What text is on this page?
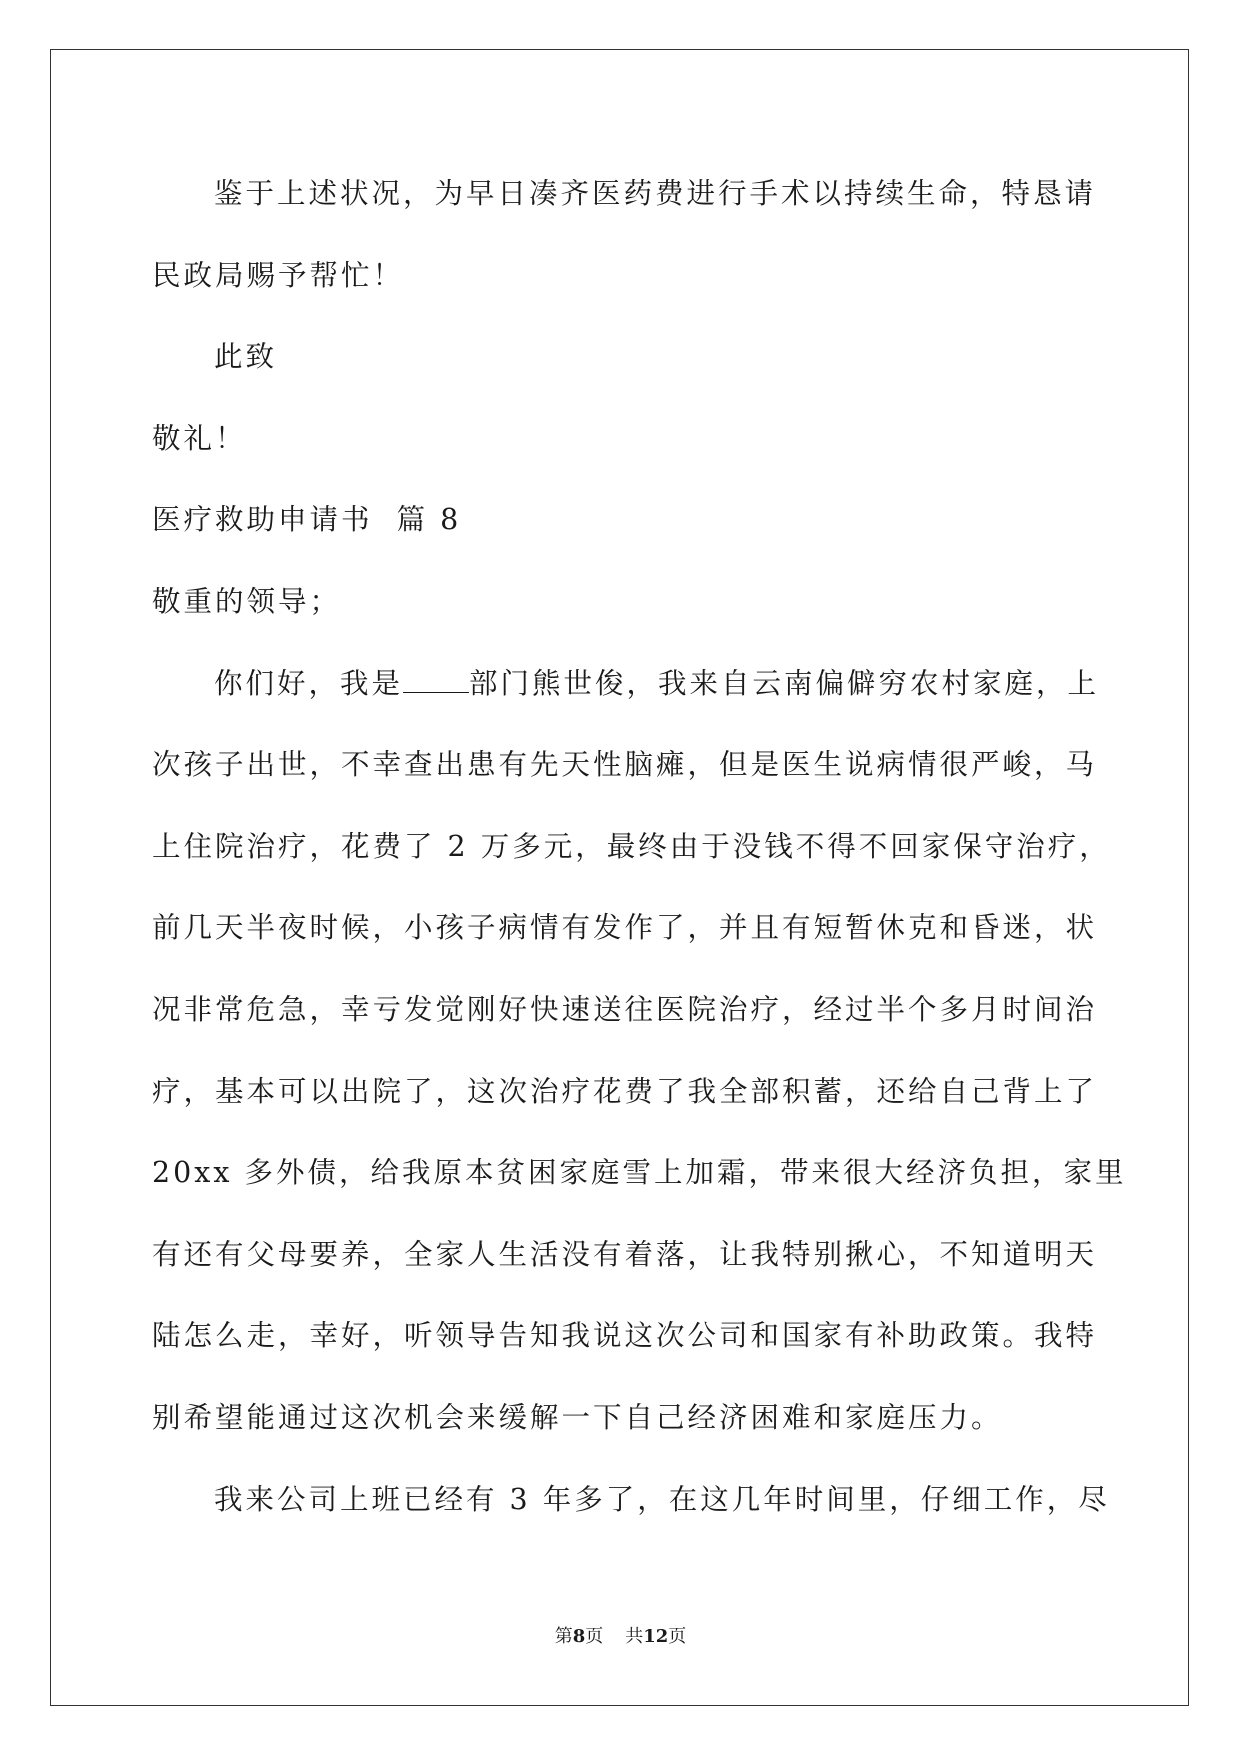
鉴于上述状况，为早日凑齐医药费进行手术以持续生命，特恳请
民政局赐予帮忙！
此致
敬礼！
医疗救助申请书  篇 8
敬重的领导；
你们好，我是 部门熊世俊，我来自云南偏僻穷农村家庭，上
次孩子出世，不幸查出患有先天性脑瘫，但是医生说病情很严峻，马
上住院治疗，花费了 2 万多元，最终由于没钱不得不回家保守治疗，
前几天半夜时候，小孩子病情有发作了，并且有短暂休克和昏迷，状
况非常危急，幸亏发觉刚好快速送往医院治疗，经过半个多月时间治
疗，基本可以出院了，这次治疗花费了我全部积蓄，还给自己背上了
20xx 多外债，给我原本贫困家庭雪上加霜，带来很大经济负担，家里
有还有父母要养，全家人生活没有着落，让我特别揪心，不知道明天
陆怎么走，幸好，听领导告知我说这次公司和国家有补助政策。我特
别希望能通过这次机会来缓解一下自己经济困难和家庭压力。
我来公司上班已经有 3 年多了，在这几年时间里，仔细工作，尽
第8页 共12页
